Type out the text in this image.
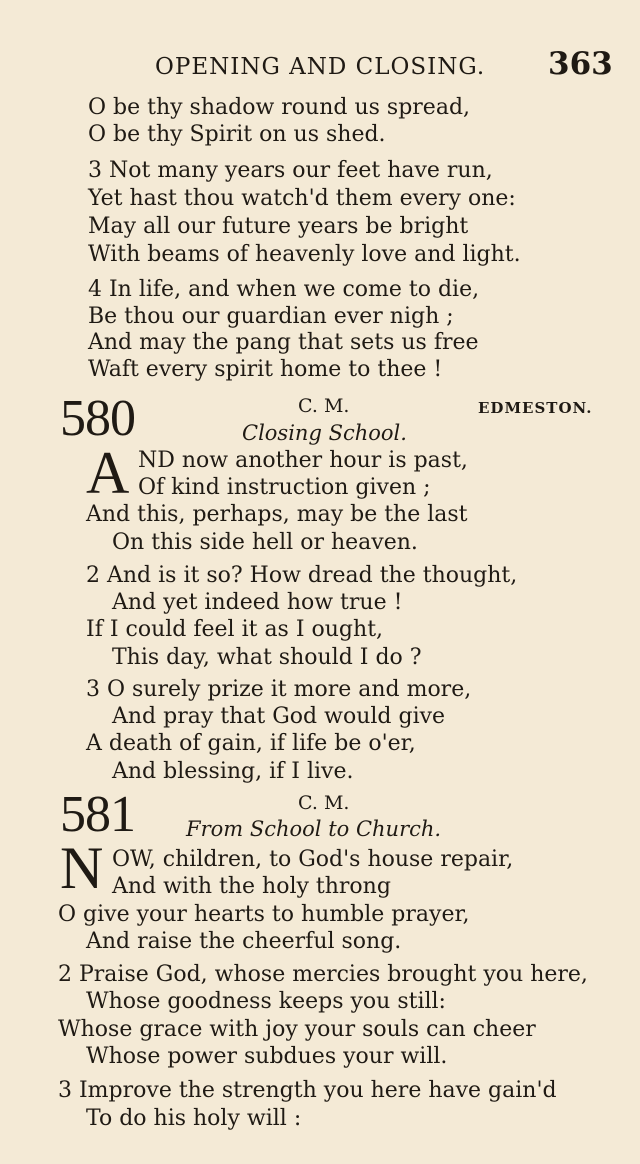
OPENING AND CLOSING. 363
O be thy shadow round us spread,
O be thy Spirit on us shed.
3 Not many years our feet have run,
Yet hast thou watch'd them every one:
May all our future years be bright
With beams of heavenly love and light.
4 In life, and when we come to die,
Be thou our guardian ever nigh ;
And may the pang that sets us free
Waft every spirit home to thee !
580	C. M.	EDMESTON.
Closing School.
A ND now another hour is past,
Of kind instruction given ;
And this, perhaps, may be the last
On this side hell or heaven.
2 And is it so? How dread the thought,
And yet indeed how true !
If I could feel it as I ought,
This day, what should I do ?
3 O surely prize it more and more,
And pray that God would give
A death of gain, if life be o'er,
And blessing, if I live.
581	C. M.
From School to Church.
N OW, children, to God's house repair,
And with the holy throng
O give your hearts to humble prayer,
And raise the cheerful song.
2 Praise God, whose mercies brought you here,
Whose goodness keeps you still:
Whose grace with joy your souls can cheer
Whose power subdues your will.
3 Improve the strength you here have gain'd
To do his holy will :
